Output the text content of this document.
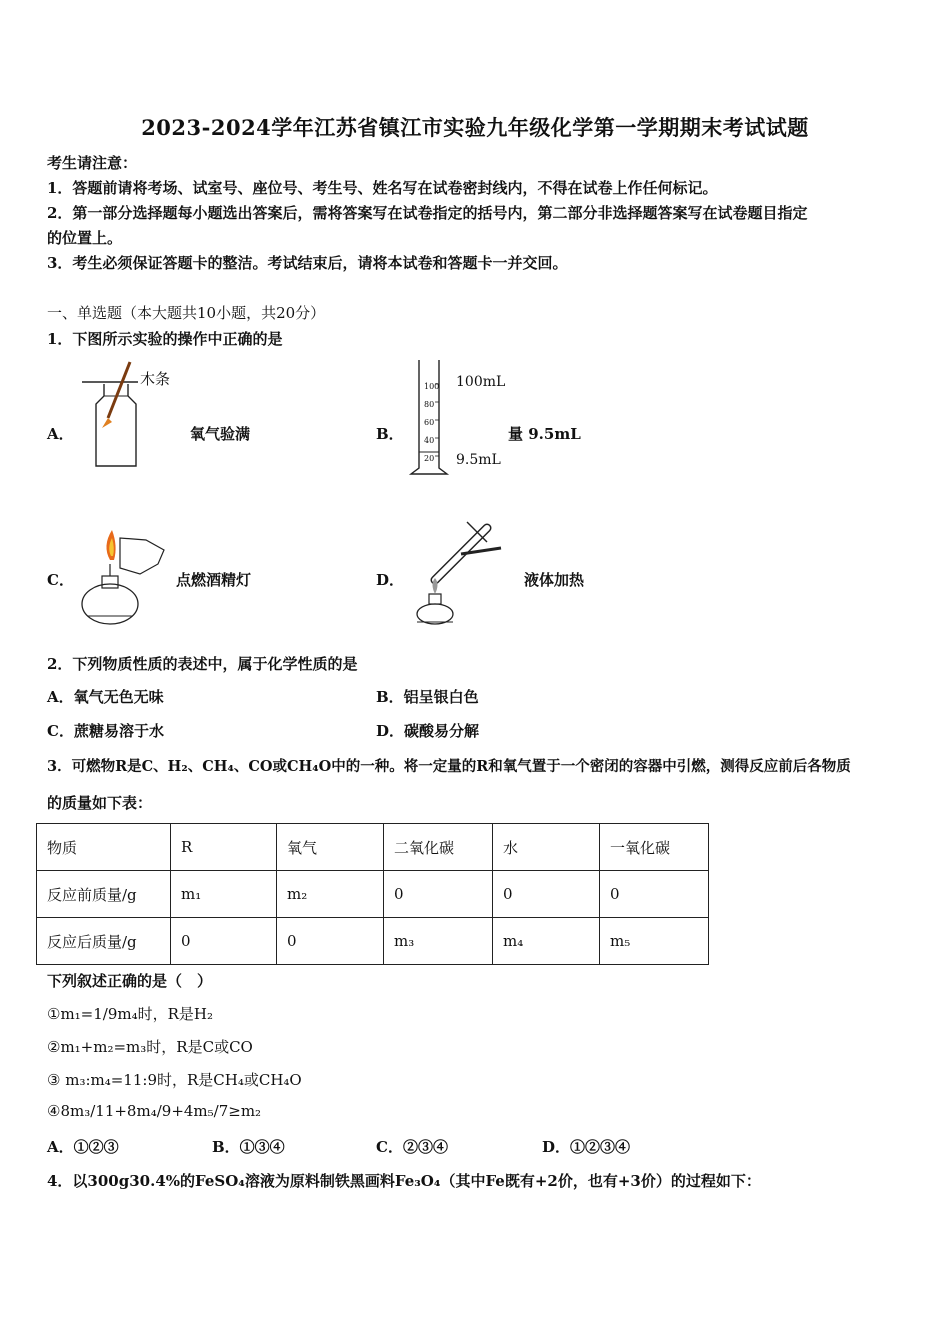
2023-2024学年江苏省镇江市实验九年级化学第一学期期末考试试题
考生请注意：
1．答题前请将考场、试室号、座位号、考生号、姓名写在试卷密封线内，不得在试卷上作任何标记。
2．第一部分选择题每小题选出答案后，需将答案写在试卷指定的括号内，第二部分非选择题答案写在试卷题目指定
的位置上。
3．考生必须保证答题卡的整洁。考试结束后，请将本试卷和答题卡一并交回。
一、单选题（本大题共10小题，共20分）
1．下图所示实验的操作中正确的是
A．
木条
氧气验满	B．
100
80
60
40
20
100mL
9.5mL
量 9.5mL
C．	点燃酒精灯	D．	液体加热
2．下列物质性质的表述中，属于化学性质的是
A．氧气无色无味	B．铝呈银白色
C．蔗糖易溶于水	D．碳酸易分解
3．可燃物R是C、H₂、CH₄、CO或CH₄O中的一种。将一定量的R和氧气置于一个密闭的容器中引燃，测得反应前后各物质
的质量如下表：
物质	R	氧气	二氧化碳	水	一氧化碳
反应前质量/g	m₁	m₂	0	0	0
反应后质量/g	0	0	m₃	m₄	m₅
下列叙述正确的是（　）
①m₁=1/9m₄时，R是H₂
②m₁+m₂=m₃时，R是C或CO
③ m₃:m₄=11:9时，R是CH₄或CH₄O
④8m₃/11+8m₄/9+4m₅/7≥m₂
A．①②③	B．①③④	C．②③④	D．①②③④
4．以300g30.4%的FeSO₄溶液为原料制铁黑画料Fe₃O₄（其中Fe既有+2价，也有+3价）的过程如下：
